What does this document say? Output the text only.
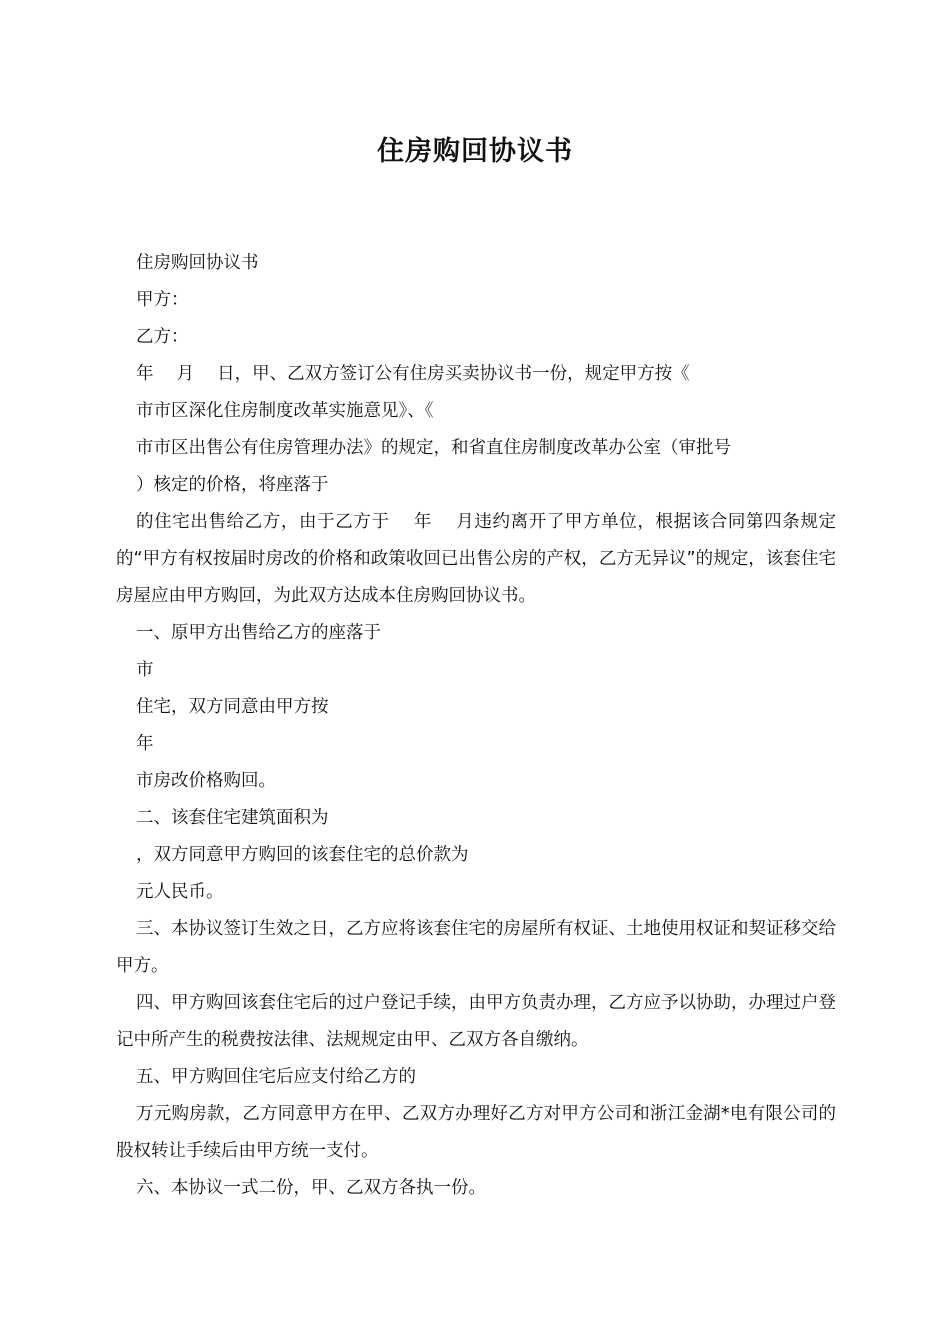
住房购回协议书

住房购回协议书

甲方：

乙方：

年　 月　 日，甲、乙双方签订公有住房买卖协议书一份，规定甲方按《

市市区深化住房制度改革实施意见》、《

市市区出售公有住房管理办法》的规定，和省直住房制度改革办公室（审批号

）核定的价格，将座落于

的住宅出售给乙方，由于乙方于　 年　 月违约离开了甲方单位，根据该合同第四条规定的“甲方有权按届时房改的价格和政策收回已出售公房的产权，乙方无异议”的规定，该套住宅房屋应由甲方购回，为此双方达成本住房购回协议书。

一、原甲方出售给乙方的座落于

市

住宅，双方同意由甲方按

年

市房改价格购回。

二、该套住宅建筑面积为

，双方同意甲方购回的该套住宅的总价款为

元人民币。

三、本协议签订生效之日，乙方应将该套住宅的房屋所有权证、土地使用权证和契证移交给甲方。

四、甲方购回该套住宅后的过户登记手续，由甲方负责办理，乙方应予以协助，办理过户登记中所产生的税费按法律、法规规定由甲、乙双方各自缴纳。

五、甲方购回住宅后应支付给乙方的

万元购房款，乙方同意甲方在甲、乙双方办理好乙方对甲方公司和浙江金湖*电有限公司的股权转让手续后由甲方统一支付。

六、本协议一式二份，甲、乙双方各执一份。
